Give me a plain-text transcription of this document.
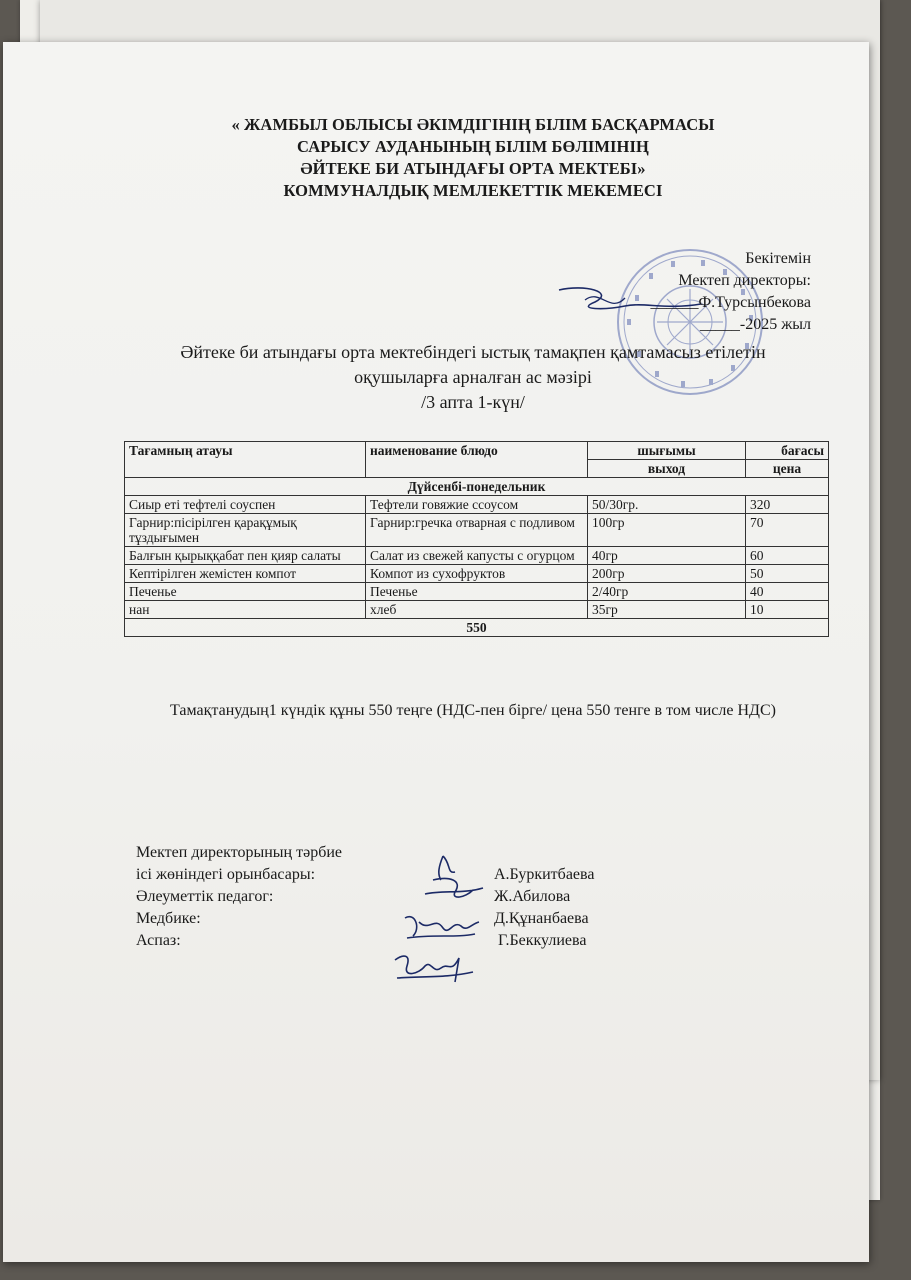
« ЖАМБЫЛ ОБЛЫСЫ ӘКІМДІГІНІҢ БІЛІМ БАСҚАРМАСЫ
САРЫСУ АУДАНЫНЫҢ БІЛІМ БӨЛІМІНІҢ
ӘЙТЕКЕ БИ АТЫНДАҒЫ ОРТА МЕКТЕБІ»
КОММУНАЛДЫҚ МЕМЛЕКЕТТІК МЕКЕМЕСІ
Бекітемін
Мектеп директоры:
______Ф.Турсынбекова
_____-2025 жыл
Әйтеке би атындағы орта мектебіндегі ыстық тамақпен қамтамасыз етілетін
оқушыларға арналған ас мәзірі
/3 апта 1-күн/
Тағамның атауы	наименование блюдо	шығымы	бағасы
		выход	цена
Дүйсенбі-понедельник			
Сиыр еті тефтелі соуспен	Тефтели говяжие ссоусом	50/30гр.	320
Гарнир:пісірілген қарақұмық тұздығымен	Гарнир:гречка отварная с подливом	100гр	70
Балғын қырыққабат пен қияр салаты	Салат из свежей капусты с огурцом	40гр	60
Кептірілген жемістен компот	Компот из сухофруктов	200гр	50
Печенье	Печенье	2/40гр	40
нан	хлеб	35гр	10
550			
Тамақтанудың1 күндік құны 550 теңге (НДС-пен бірге/ цена 550 тенге в том числе НДС)
Мектеп директорының тәрбие
ісі жөніндегі орынбасары:	А.Буркитбаева
Әлеуметтік педагог:	Ж.Абилова
Медбике:	Д.Құнанбаева
Аспаз:	Г.Беккулиева
